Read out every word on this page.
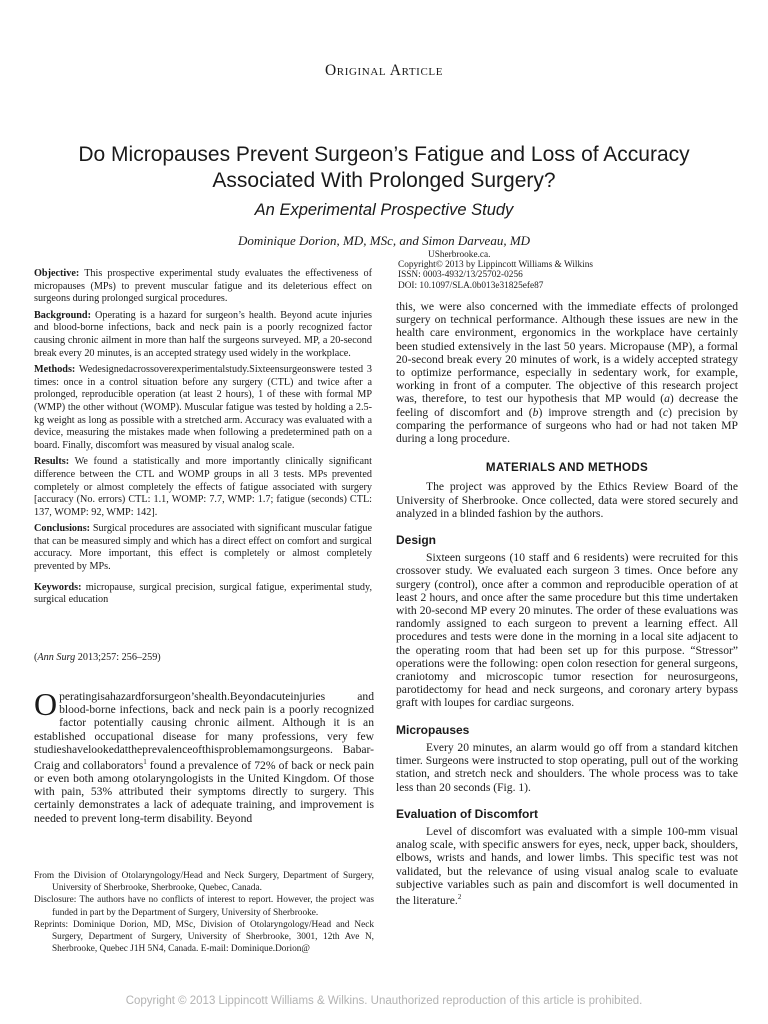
Original Article
Do Micropauses Prevent Surgeon’s Fatigue and Loss of Accuracy
Associated With Prolonged Surgery?
An Experimental Prospective Study
Dominique Dorion, MD, MSc, and Simon Darveau, MD

Objective: This prospective experimental study evaluates the effectiveness of micropauses (MPs) to prevent muscular fatigue and its deleterious effect on surgeons during prolonged surgical procedures.

Background: Operating is a hazard for surgeon’s health. Beyond acute injuries and blood-borne infections, back and neck pain is a poorly recognized factor causing chronic ailment in more than half the surgeons surveyed. MP, a 20-second break every 20 minutes, is an accepted strategy used widely in the workplace.

Methods: Wedesignedacrossoverexperimentalstudy.Sixteensurgeonswere tested 3 times: once in a control situation before any surgery (CTL) and twice after a prolonged, reproducible operation (at least 2 hours), 1 of these with formal MP (WMP) the other without (WOMP). Muscular fatigue was tested by holding a 2.5-kg weight as long as possible with a stretched arm. Accuracy was evaluated with a device, measuring the mistakes made when following a predetermined path on a board. Finally, discomfort was measured by visual analog scale.

Results: We found a statistically and more importantly clinically significant difference between the CTL and WOMP groups in all 3 tests. MPs prevented completely or almost completely the effects of fatigue associated with surgery [accuracy (No. errors) CTL: 1.1, WOMP: 7.7, WMP: 1.7; fatigue (seconds) CTL: 137, WOMP: 92, WMP: 142].

Conclusions: Surgical procedures are associated with significant muscular fatigue that can be measured simply and which has a direct effect on comfort and surgical accuracy. More important, this effect is completely or almost completely prevented by MPs.

Keywords: micropause, surgical precision, surgical fatigue, experimental study, surgical education

(Ann Surg 2013;257: 256–259)
Operatingisahazardforsurgeon’shealth.Beyondacuteinjuries and blood-borne infections, back and neck pain is a poorly recognized factor potentially causing chronic ailment. Although it is an established occupational disease for many professions, very few studieshavelookedattheprevalenceofthisproblemamongsurgeons. Babar-Craig and collaborators$^1$ found a prevalence of 72% of back or neck pain or even both among otolaryngologists in the United Kingdom. Of those with pain, 53% attributed their symptoms directly to surgery. This certainly demonstrates a lack of adequate training, and improvement is needed to prevent long-term disability. Beyond

From the Division of Otolaryngology/Head and Neck Surgery, Department of Surgery, University of Sherbrooke, Sherbrooke, Quebec, Canada.

Disclosure: The authors have no conflicts of interest to report. However, the project was funded in part by the Department of Surgery, University of Sherbrooke.

Reprints: Dominique Dorion, MD, MSc, Division of Otolaryngology/Head and Neck Surgery, Department of Surgery, University of Sherbrooke, 3001, 12th Ave N, Sherbrooke, Quebec J1H 5N4, Canada. E-mail: Dominique.Dorion@

USherbrooke.ca.
Copyright© 2013 by Lippincott Williams & Wilkins
ISSN: 0003-4932/13/25702-0256
DOI: 10.1097/SLA.0b013e31825efe87

this, we were also concerned with the immediate effects of prolonged surgery on technical performance. Although these issues are new in the health care environment, ergonomics in the workplace have certainly been studied extensively in the last 50 years. Micropause (MP), a formal 20-second break every 20 minutes of work, is a widely accepted strategy to optimize performance, especially in sedentary work, for example, working in front of a computer. The objective of this research project was, therefore, to test our hypothesis that MP would (a) decrease the feeling of discomfort and (b) improve strength and (c) precision by comparing the performance of surgeons who had or had not taken MP during a long procedure.

MATERIALS AND METHODS

The project was approved by the Ethics Review Board of the University of Sherbrooke. Once collected, data were stored securely and analyzed in a blinded fashion by the authors.

Design

Sixteen surgeons (10 staff and 6 residents) were recruited for this crossover study. We evaluated each surgeon 3 times. Once before any surgery (control), once after a common and reproducible operation of at least 2 hours, and once after the same procedure but this time undertaken with 20-second MP every 20 minutes. The order of these evaluations was randomly assigned to each surgeon to prevent a learning effect. All procedures and tests were done in the morning in a local site adjacent to the operating room that had been set up for this purpose. “Stressor” operations were the following: open colon resection for general surgeons, craniotomy and microscopic tumor resection for neurosurgeons, parotidectomy for head and neck surgeons, and coronary artery bypass graft with loupes for cardiac surgeons.

Micropauses

Every 20 minutes, an alarm would go off from a standard kitchen timer. Surgeons were instructed to stop operating, pull out of the working station, and stretch neck and shoulders. The whole process was to take less than 20 seconds (Fig. 1).

Evaluation of Discomfort

Level of discomfort was evaluated with a simple 100-mm visual analog scale, with specific answers for eyes, neck, upper back, shoulders, elbows, wrists and hands, and lower limbs. This specific test was not validated, but the relevance of using visual analog scale to evaluate subjective variables such as pain and discomfort is well documented in the literature.$^2$

Copyright © 2013 Lippincott Williams & Wilkins. Unauthorized reproduction of this article is prohibited.
